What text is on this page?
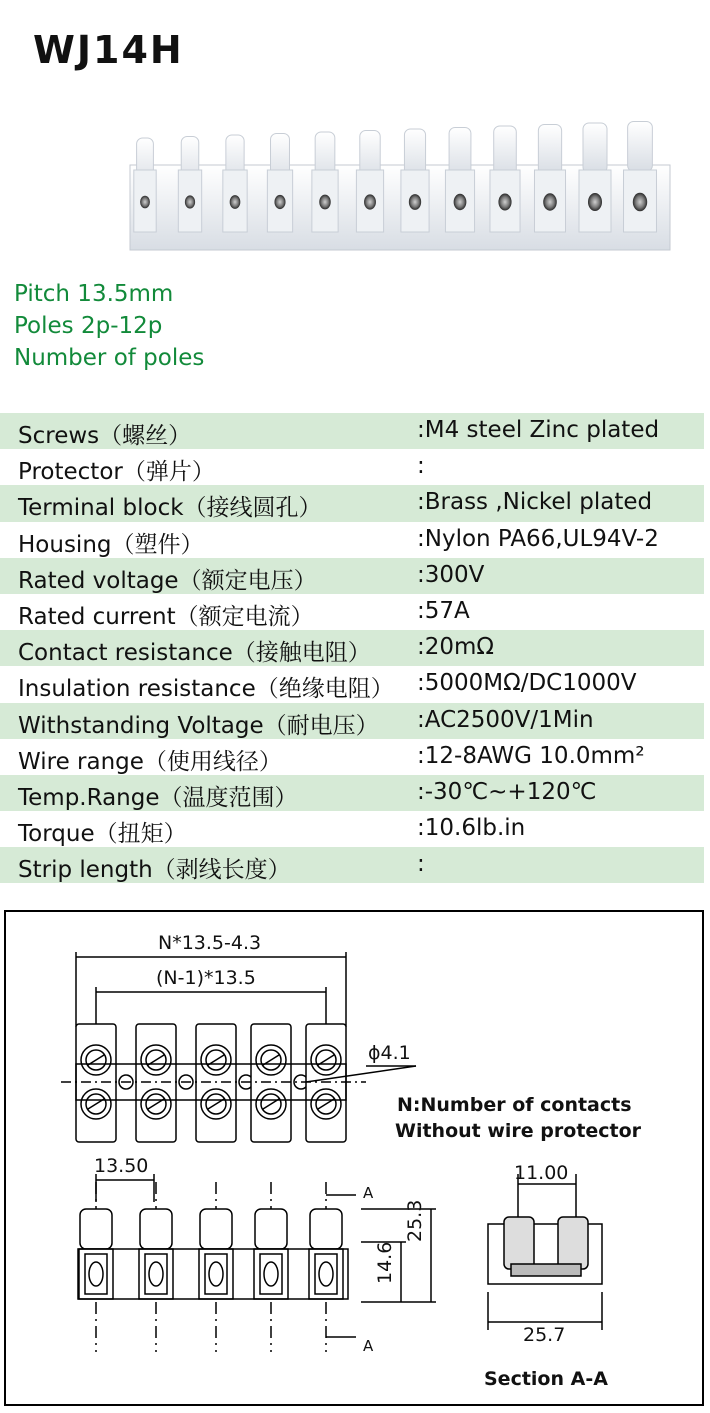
WJ14H
Pitch 13.5mm
Poles 2p-12p
Number of poles
Screws（螺丝）	:M4 steel Zinc plated
Protector（弹片）	:
Terminal block（接线圆孔）	:Brass ,Nickel plated
Housing（塑件）	:Nylon PA66,UL94V-2
Rated voltage（额定电压）	:300V
Rated current（额定电流）	:57A
Contact resistance（接触电阻） :20mΩ
Insulation resistance（绝缘电阻） :5000MΩ/DC1000V
Withstanding Voltage（耐电压） :AC2500V/1Min
Wire range（使用线径）	:12-8AWG 10.0mm²
Temp.Range（温度范围）	:-30℃~+120℃
Torque（扭矩）	:10.6lb.in
Strip length（剥线长度）	:
N*13.5-4.3
(N-1)*13.5
ϕ4.1
N:Number of contacts
Without wire protector
13.50
A
A
25.3
14.6
11.00
25.7
Section A-A
